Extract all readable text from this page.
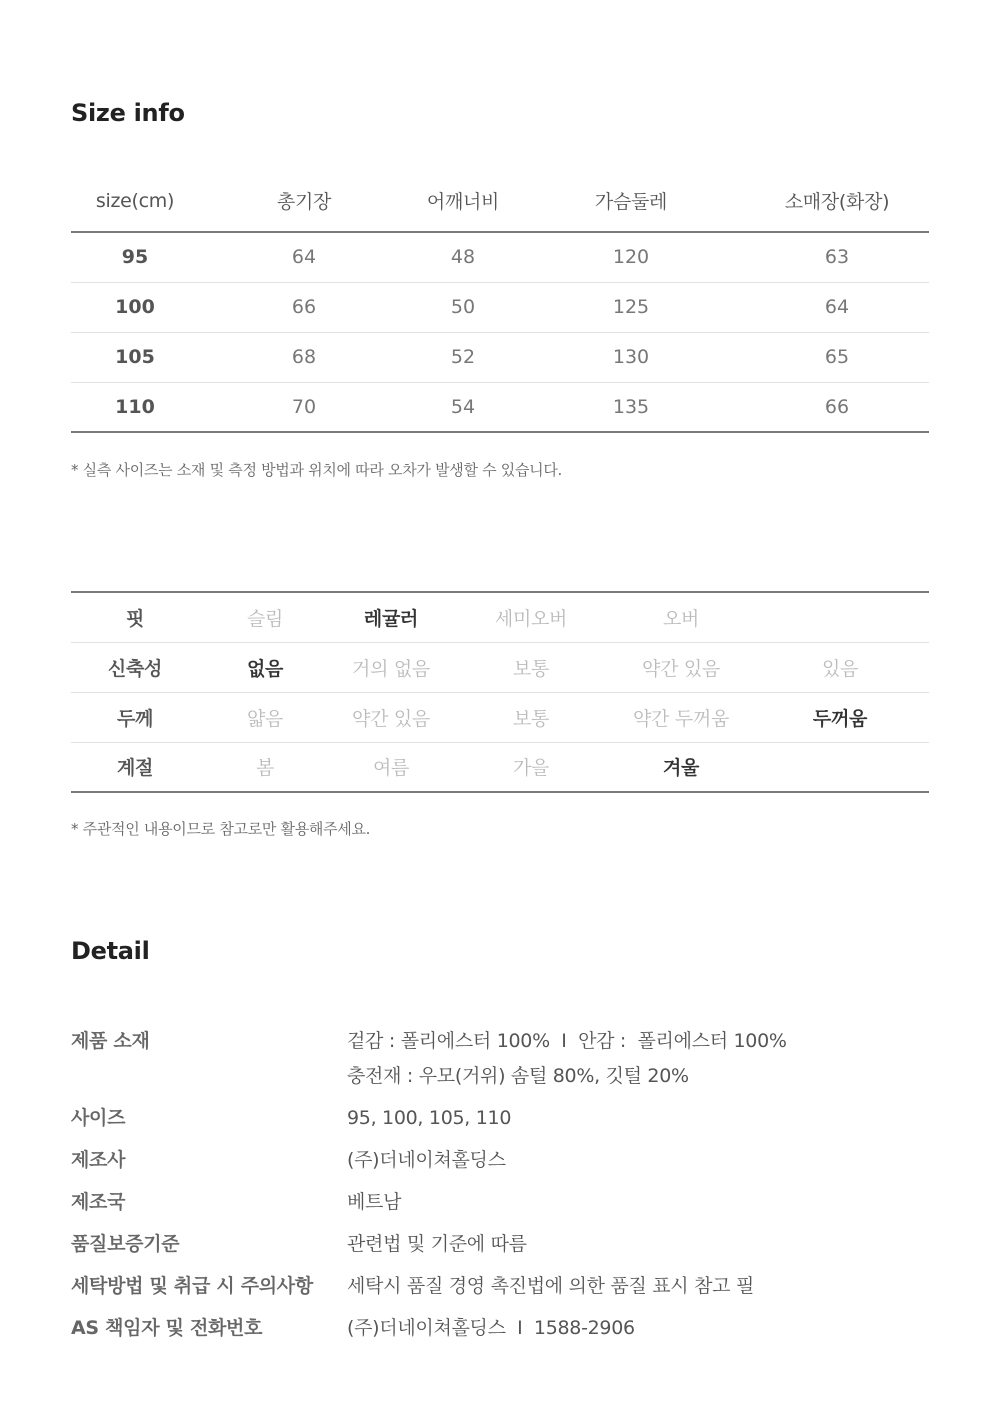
Size info
size(cm)	총기장	어깨너비	가슴둘레	소매장(화장)
95	64	48	120	63
100	66	50	125	64
105	68	52	130	65
110	70	54	135	66

* 실측 사이즈는 소재 및 측정 방법과 위치에 따라 오차가 발생할 수 있습니다.

핏	슬림	레귤러	세미오버	오버	
신축성	없음	거의 없음	보통	약간 있음	있음
두께	얇음	약간 있음	보통	약간 두꺼움	두꺼움
계절	봄	여름	가을	겨울	

* 주관적인 내용이므로 참고로만 활용해주세요.

Detail
제품 소재	겉감 : 폴리에스터 100%  I  안감 :  폴리에스터 100%
충전재 : 우모(거위) 솜털 80%, 깃털 20%
사이즈	95, 100, 105, 110
제조사	(주)더네이쳐홀딩스
제조국	베트남
품질보증기준	관련법 및 기준에 따름
세탁방법 및 취급 시 주의사항	세탁시 품질 경영 촉진법에 의한 품질 표시 참고 필
AS 책임자 및 전화번호	(주)더네이쳐홀딩스  I  1588-2906
